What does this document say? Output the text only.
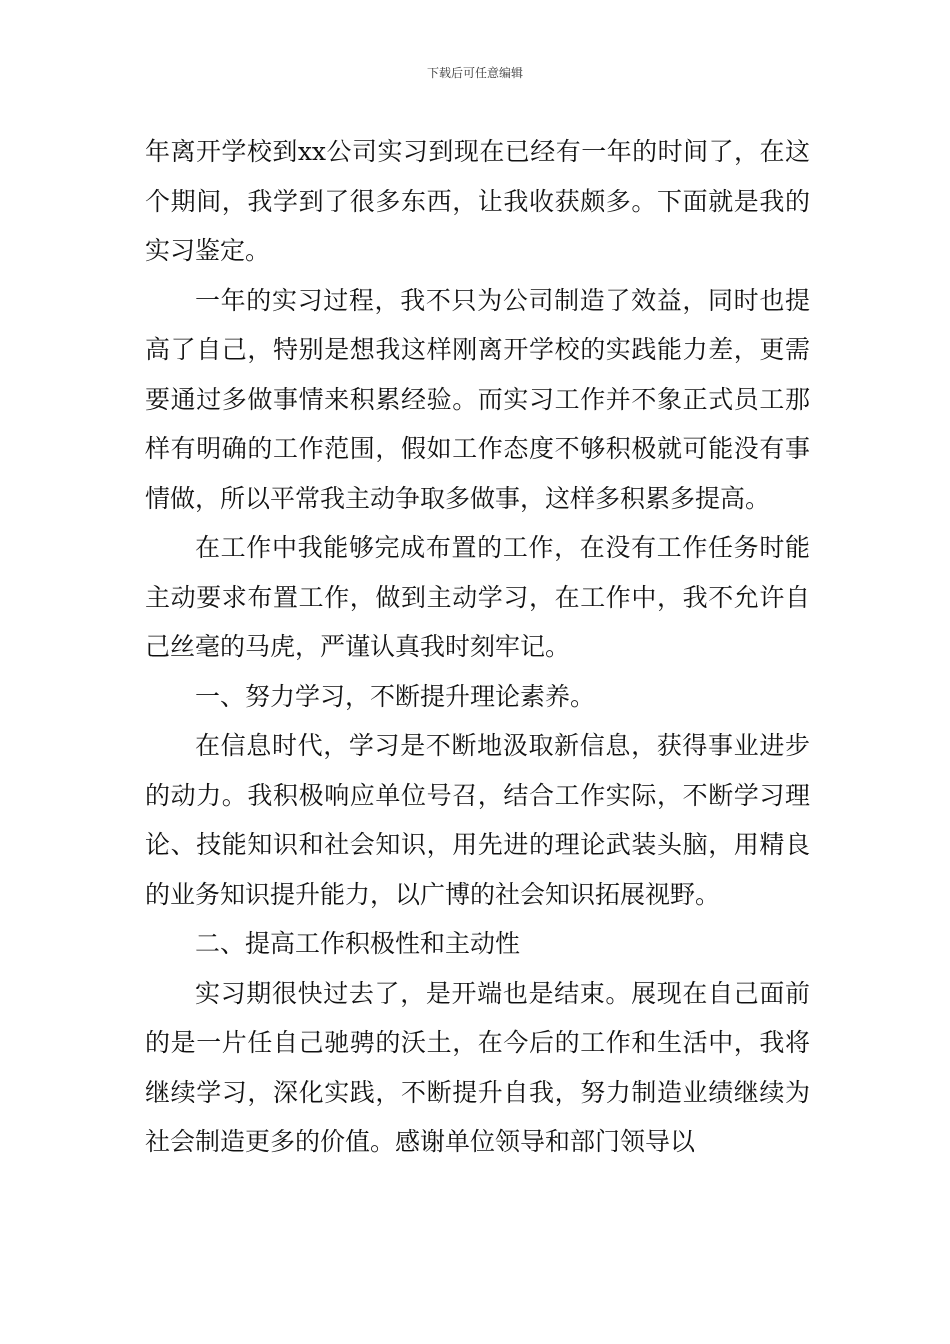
下载后可任意编辑

年离开学校到xx公司实习到现在已经有一年的时间了，在这个期间，我学到了很多东西，让我收获颇多。下面就是我的实习鉴定。

一年的实习过程，我不只为公司制造了效益，同时也提高了自己，特别是想我这样刚离开学校的实践能力差，更需要通过多做事情来积累经验。而实习工作并不象正式员工那样有明确的工作范围，假如工作态度不够积极就可能没有事情做，所以平常我主动争取多做事，这样多积累多提高。

在工作中我能够完成布置的工作，在没有工作任务时能主动要求布置工作，做到主动学习，在工作中，我不允许自己丝毫的马虎，严谨认真我时刻牢记。

一、努力学习，不断提升理论素养。

在信息时代，学习是不断地汲取新信息，获得事业进步的动力。我积极响应单位号召，结合工作实际，不断学习理论、技能知识和社会知识，用先进的理论武装头脑，用精良的业务知识提升能力，以广博的社会知识拓展视野。

二、提高工作积极性和主动性

实习期很快过去了，是开端也是结束。展现在自己面前的是一片任自己驰骋的沃土，在今后的工作和生活中，我将继续学习，深化实践，不断提升自我，努力制造业绩继续为社会制造更多的价值。感谢单位领导和部门领导以
